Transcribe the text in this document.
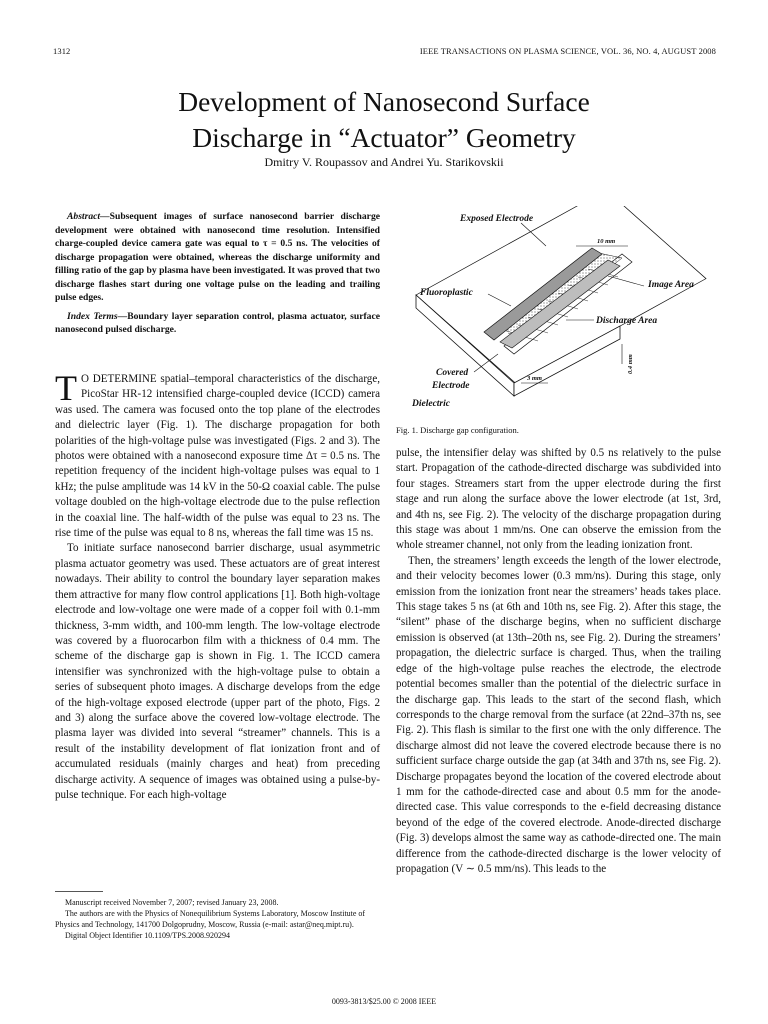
1312	IEEE TRANSACTIONS ON PLASMA SCIENCE, VOL. 36, NO. 4, AUGUST 2008
Development of Nanosecond Surface
Discharge in “Actuator” Geometry
Dmitry V. Roupassov and Andrei Yu. Starikovskii

Abstract—Subsequent images of surface nanosecond barrier discharge development were obtained with nanosecond time resolution. Intensified charge-coupled device camera gate was equal to τ = 0.5 ns. The velocities of discharge propagation were obtained, whereas the discharge uniformity and filling ratio of the gap by plasma have been investigated. It was proved that two discharge flashes start during one voltage pulse on the leading and trailing pulse edges.

Index Terms—Boundary layer separation control, plasma actuator, surface nanosecond pulsed discharge.

T O DETERMINE spatial–temporal characteristics of the discharge, PicoStar HR-12 intensified charge-coupled device (ICCD) camera was used. The camera was focused onto the top plane of the electrodes and dielectric layer (Fig. 1). The discharge propagation for both polarities of the high-voltage pulse was investigated (Figs. 2 and 3). The photos were obtained with a nanosecond exposure time Δτ = 0.5 ns. The repetition frequency of the incident high-voltage pulses was equal to 1 kHz; the pulse amplitude was 14 kV in the 50-Ω coaxial cable. The pulse voltage doubled on the high-voltage electrode due to the pulse reflection in the coaxial line. The half-width of the pulse was equal to 23 ns. The rise time of the pulse was equal to 8 ns, whereas the fall time was 15 ns.

To initiate surface nanosecond barrier discharge, usual asymmetric plasma actuator geometry was used. These actuators are of great interest nowadays. Their ability to control the boundary layer separation makes them attractive for many flow control applications [1]. Both high-voltage electrode and low-voltage one were made of a copper foil with 0.1-mm thickness, 3-mm width, and 100-mm length. The low-voltage electrode was covered by a fluorocarbon film with a thickness of 0.4 mm. The scheme of the discharge gap is shown in Fig. 1. The ICCD camera intensifier was synchronized with the high-voltage pulse to obtain a series of subsequent photo images. A discharge develops from the edge of the high-voltage exposed electrode (upper part of the photo, Figs. 2 and 3) along the surface above the covered low-voltage electrode. The plasma layer was divided into several “streamer” channels. This is a result of the instability development of flat ionization front and of accumulated residuals (mainly charges and heat) from preceding discharge activity. A sequence of images was obtained using a pulse-by-pulse technique. For each high-voltage

Manuscript received November 7, 2007; revised January 23, 2008.

The authors are with the Physics of Nonequilibrium Systems Laboratory, Moscow Institute of Physics and Technology, 141700 Dolgoprudny, Moscow, Russia (e-mail: astar@neq.mipt.ru).

Digital Object Identifier 10.1109/TPS.2008.920294

Exposed Electrode
10 mm
Image Area
Fluoroplastic
Discharge Area
Covered
Electrode
Dielectric
3 mm
0.4 mm
Fig. 1. Discharge gap configuration.

pulse, the intensifier delay was shifted by 0.5 ns relatively to the pulse start. Propagation of the cathode-directed discharge was subdivided into four stages. Streamers start from the upper electrode during the first stage and run along the surface above the lower electrode (at 1st, 3rd, and 4th ns, see Fig. 2). The velocity of the discharge propagation during this stage was about 1 mm/ns. One can observe the emission from the whole streamer channel, not only from the leading ionization front.

Then, the streamers’ length exceeds the length of the lower electrode, and their velocity becomes lower (0.3 mm/ns). During this stage, only emission from the ionization front near the streamers’ heads takes place. This stage takes 5 ns (at 6th and 10th ns, see Fig. 2). After this stage, the “silent” phase of the discharge begins, when no sufficient discharge emission is observed (at 13th–20th ns, see Fig. 2). During the streamers’ propagation, the dielectric surface is charged. Thus, when the trailing edge of the high-voltage pulse reaches the electrode, the electrode potential becomes smaller than the potential of the dielectric surface in the discharge gap. This leads to the start of the second flash, which corresponds to the charge removal from the surface (at 22nd–37th ns, see Fig. 2). This flash is similar to the first one with the only difference. The discharge almost did not leave the covered electrode because there is no sufficient surface charge outside the gap (at 34th and 37th ns, see Fig. 2). Discharge propagates beyond the location of the covered electrode about 1 mm for the cathode-directed case and about 0.5 mm for the anode-directed case. This value corresponds to the e-field decreasing distance beyond of the edge of the covered electrode. Anode-directed discharge (Fig. 3) develops almost the same way as cathode-directed one. The main difference from the cathode-directed discharge is the lower velocity of propagation (V ∼ 0.5 mm/ns). This leads to the

0093-3813/$25.00 © 2008 IEEE
